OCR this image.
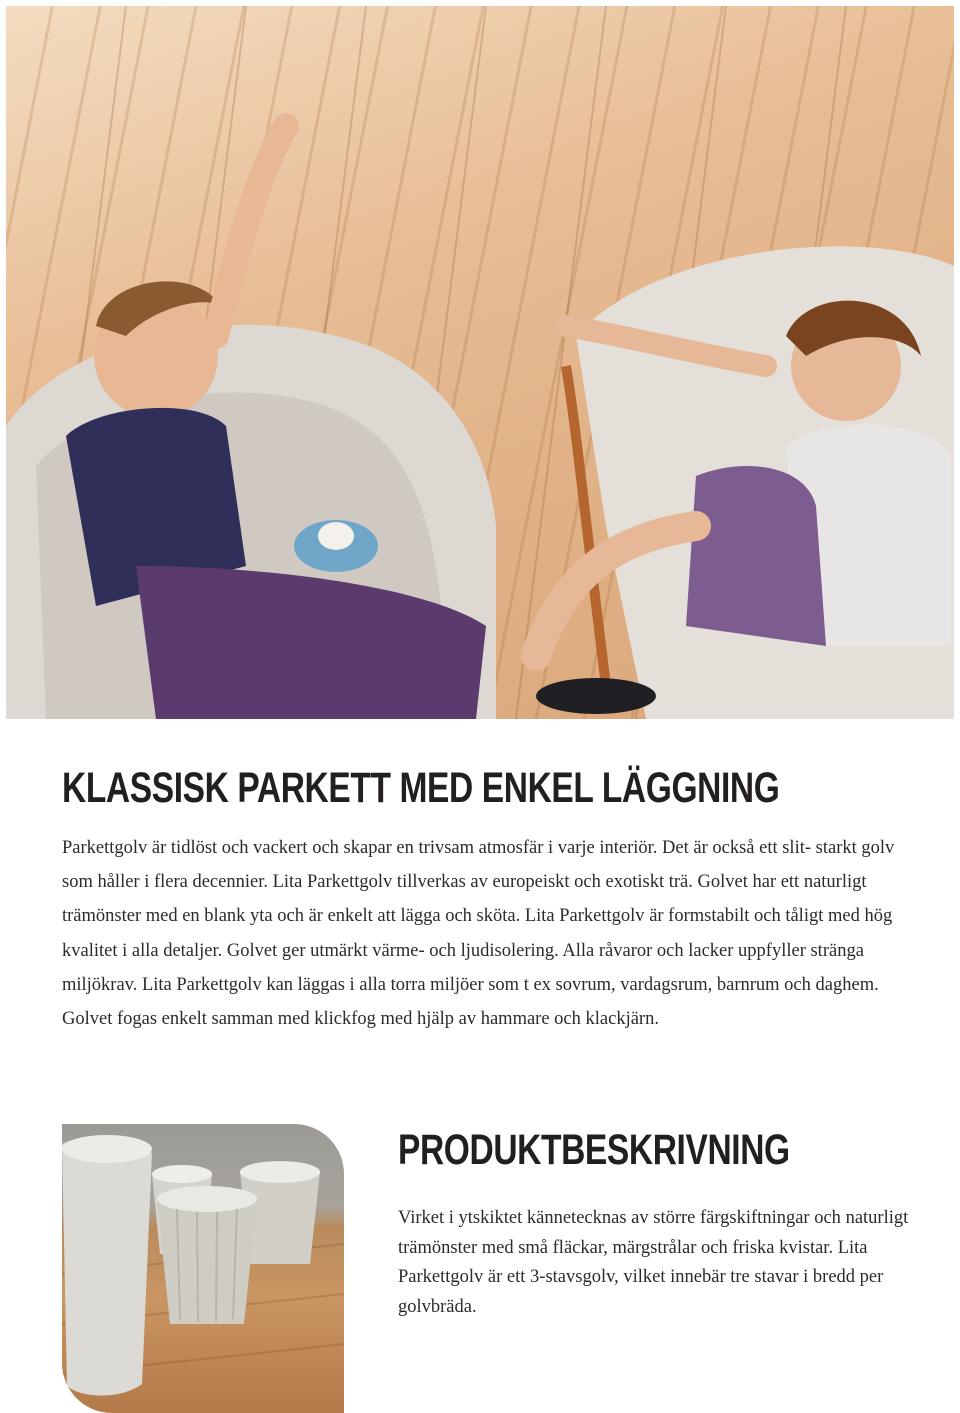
KLASSISK PARKETT MED ENKEL LÄGGNING

Parkettgolv är tidlöst och vackert och skapar en trivsam atmosfär i varje interiör. Det är också ett slit- starkt golv som håller i flera decennier. Lita Parkettgolv tillverkas av europeiskt och exotiskt trä. Golvet har ett naturligt trämönster med en blank yta och är enkelt att lägga och sköta. Lita Parkettgolv är formstabilt och tåligt med hög kvalitet i alla detaljer. Golvet ger utmärkt värme- och ljudisolering. Alla råvaror och lacker uppfyller stränga miljökrav. Lita Parkettgolv kan läggas i alla torra miljöer som t ex sovrum, vardagsrum, barnrum och daghem. Golvet fogas enkelt samman med klickfog med hjälp av hammare och klackjärn.

PRODUKTBESKRIVNING

Virket i ytskiktet kännetecknas av större färgskiftningar och naturligt trämönster med små fläckar, märgstrålar och friska kvistar. Lita Parkettgolv är ett 3-stavsgolv, vilket innebär tre stavar i bredd per golvbräda.
